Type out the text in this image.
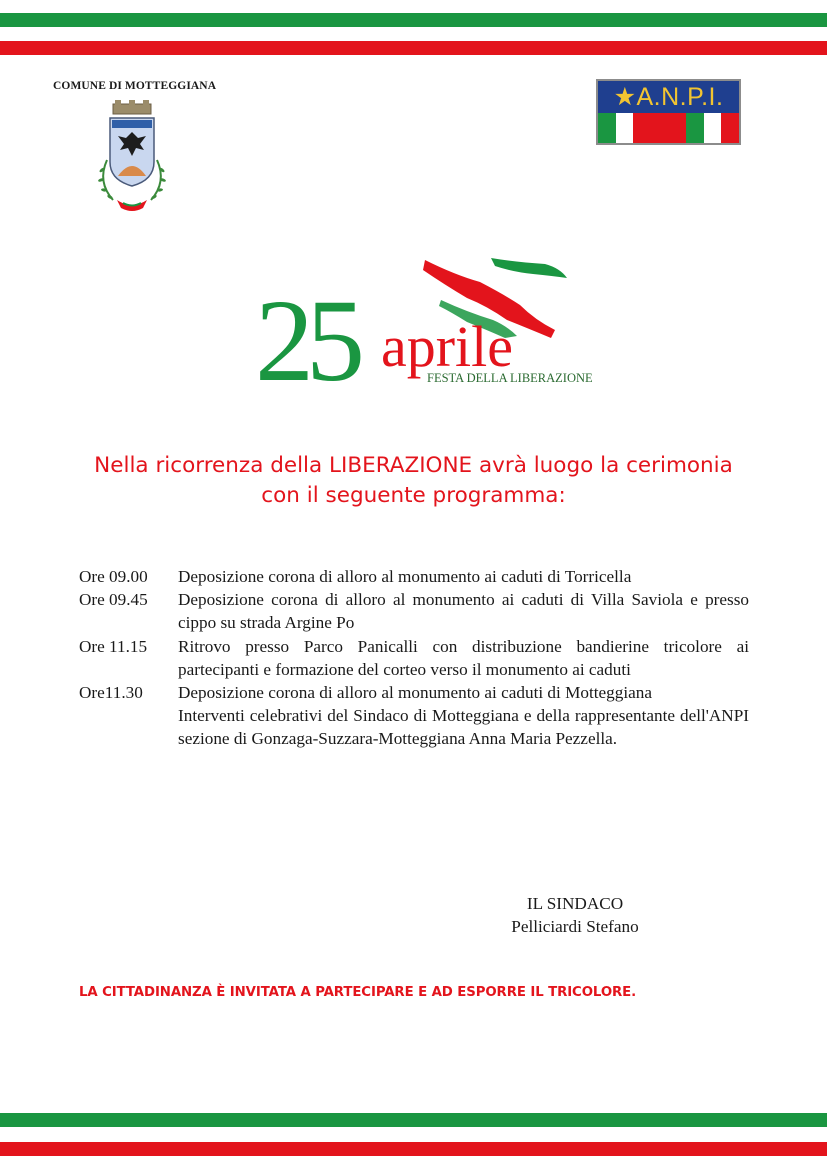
COMUNE DI MOTTEGGIANA	★A.N.P.I.
25 aprile
FESTA DELLA LIBERAZIONE
Nella ricorrenza della LIBERAZIONE avrà luogo la cerimonia
con il seguente programma:
Ore 09.00	Deposizione corona di alloro al monumento ai caduti di Torricella
Ore 09.45	Deposizione corona di alloro al monumento ai caduti di Villa Saviola e presso cippo su strada Argine Po
Ore 11.15	Ritrovo presso Parco Panicalli con distribuzione bandierine tricolore ai partecipanti e formazione del corteo verso il monumento ai caduti
Ore11.30	Deposizione corona di alloro al monumento ai caduti di Motteggiana
Interventi celebrativi del Sindaco di Motteggiana e della rappresentante dell'ANPI sezione di Gonzaga-Suzzara-Motteggiana Anna Maria Pezzella.
IL SINDACO
Pelliciardi Stefano
LA CITTADINANZA È INVITATA A PARTECIPARE E AD ESPORRE IL TRICOLORE.
